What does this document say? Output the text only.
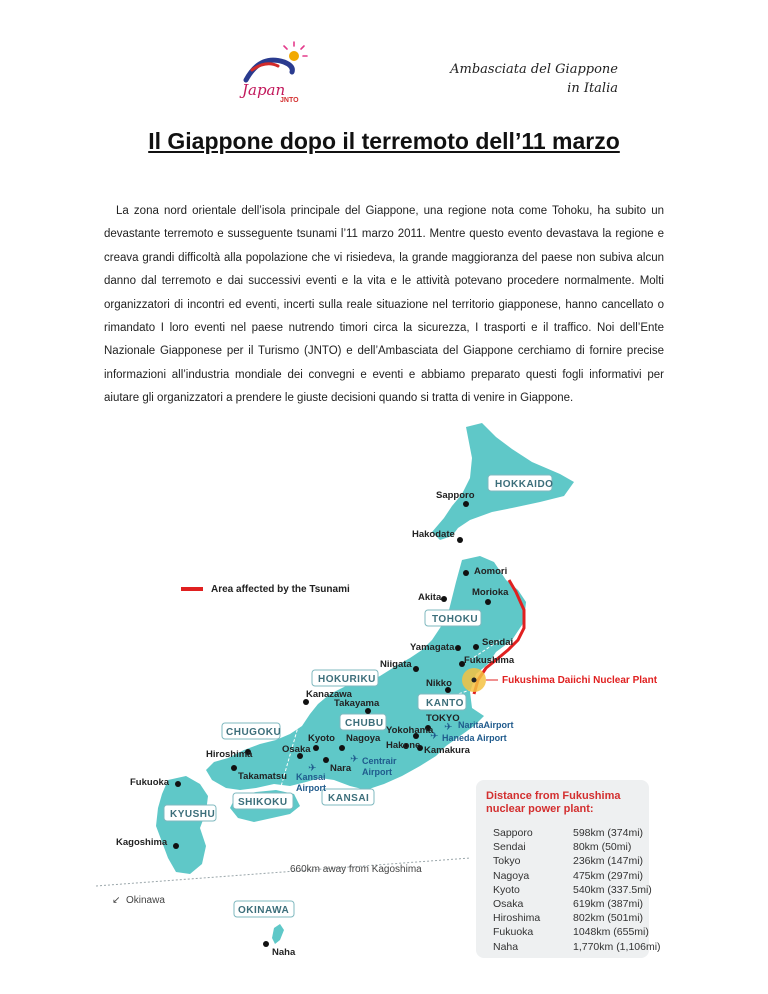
Japan
JNTO
Ambasciata del Giappone
in Italia
Il Giappone dopo il terremoto dell’11 marzo

La zona nord orientale dell’isola principale del Giappone, una regione nota come Tohoku, ha subito un devastante terremoto e susseguente tsunami l’11 marzo 2011. Mentre questo evento devastava la regione e creava grandi difficoltà alla popolazione che vi risiedeva, la grande maggioranza del paese non subiva alcun danno dal terremoto e dai successivi eventi e la vita e le attività potevano procedere normalmente. Molti organizzatori di incontri ed eventi, incerti sulla reale situazione nel territorio giapponese, hanno cancellato o rimandato I loro eventi nel paese nutrendo timori circa la sicurezza, I trasporti e il traffico. Noi dell’Ente Nazionale Giapponese per il Turismo (JNTO) e dell’Ambasciata del Giappone cerchiamo di fornire precise informazioni all’industria mondiale dei convegni e eventi e abbiamo preparato questi fogli informativi per aiutare gli organizzatori a prendere le giuste decisioni quando si tratta di venire in Giappone.

Fukushima Daiichi Nuclear Plant
Area affected by the Tsunami
HOKKAIDO
TOHOKU
HOKURIKU
KANTO
CHUBU
CHUGOKU
KANSAI
SHIKOKU
KYUSHU
OKINAWA
Sapporo
Hakodate
Aomori
Akita	Morioka
Sendai
Yamagata
Fukushima
Niigata
Nikko
Kanazawa
Takayama
TOKYO
Yokohama
Hakone Kamakura
Nagoya
Kyoto
Osaka
Nara
Hiroshima
Takamatsu
Fukuoka
Kagoshima
Naha
✈
✈
✈
✈
NaritaAirport
Haneda Airport
Centrair
Airport
Kansai
Airport
660km away from Kagoshima
↙ Okinawa
Distance from Fukushima
nuclear power plant:
Sapporo	598km (374mi)
Sendai	80km (50mi)
Tokyo	236km (147mi)
Nagoya	475km (297mi)
Kyoto	540km (337.5mi)
Osaka	619km (387mi)
Hiroshima	802km (501mi)
Fukuoka	1048km (655mi)
Naha	1,770km (1,106mi)
